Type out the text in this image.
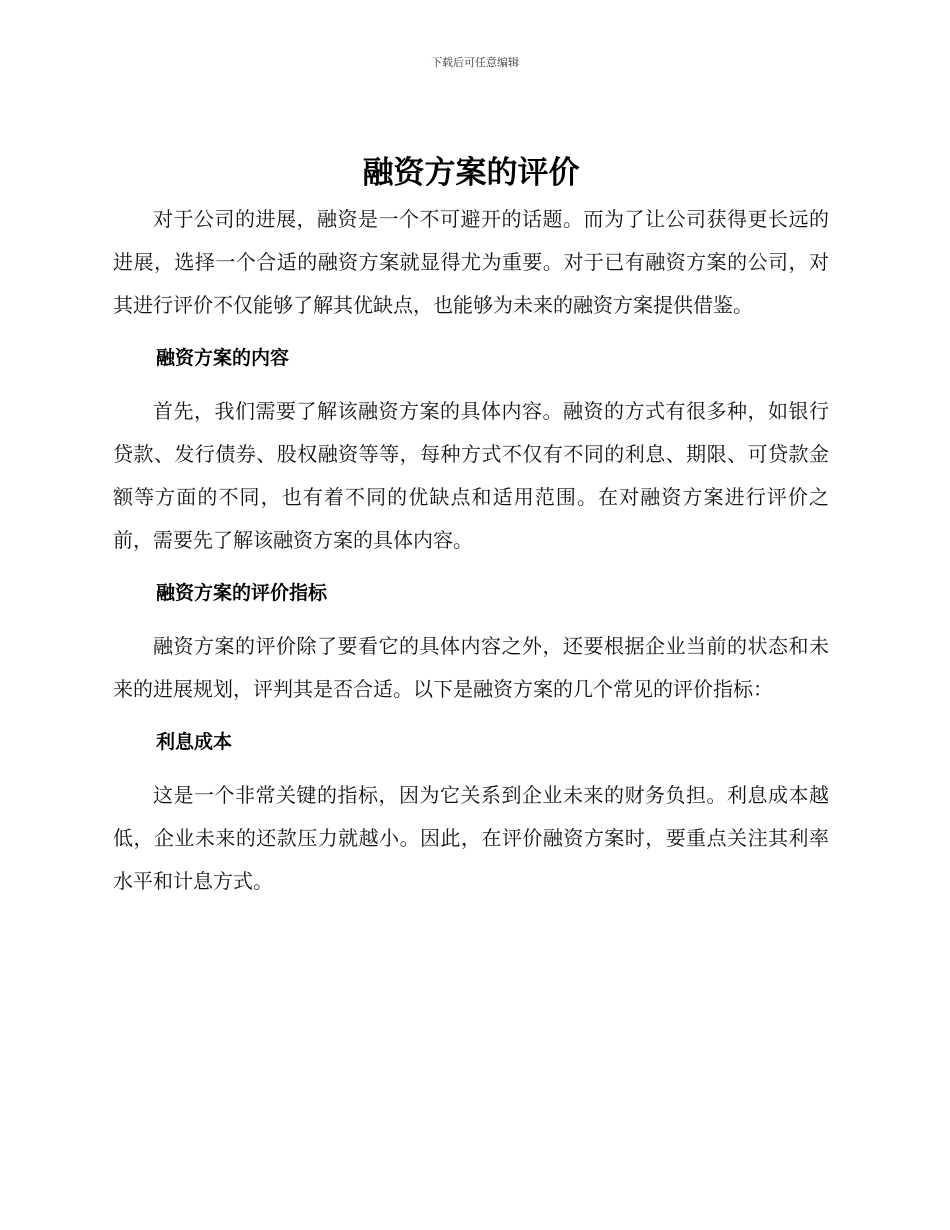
下载后可任意编辑
融资方案的评价

对于公司的进展，融资是一个不可避开的话题。而为了让公司获得更长远的进展，选择一个合适的融资方案就显得尤为重要。对于已有融资方案的公司，对其进行评价不仅能够了解其优缺点，也能够为未来的融资方案提供借鉴。

融资方案的内容

首先，我们需要了解该融资方案的具体内容。融资的方式有很多种，如银行贷款、发行债券、股权融资等等，每种方式不仅有不同的利息、期限、可贷款金额等方面的不同，也有着不同的优缺点和适用范围。在对融资方案进行评价之前，需要先了解该融资方案的具体内容。

融资方案的评价指标

融资方案的评价除了要看它的具体内容之外，还要根据企业当前的状态和未来的进展规划，评判其是否合适。以下是融资方案的几个常见的评价指标：

利息成本

这是一个非常关键的指标，因为它关系到企业未来的财务负担。利息成本越低，企业未来的还款压力就越小。因此，在评价融资方案时，要重点关注其利率水平和计息方式。
